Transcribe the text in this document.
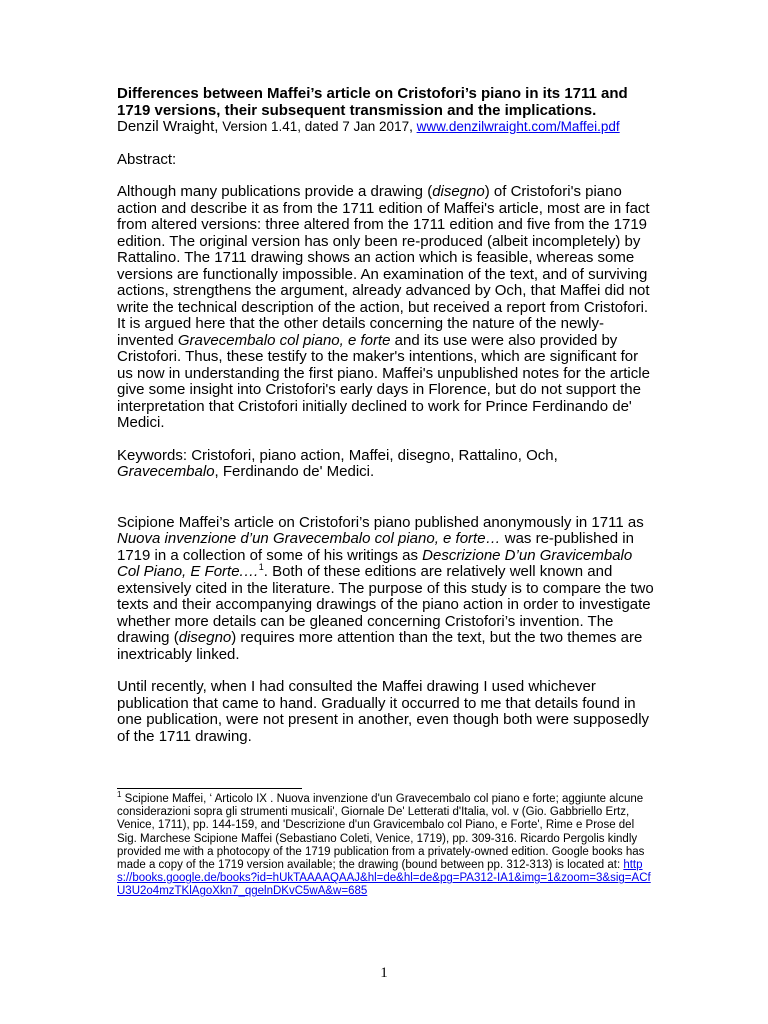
Differences between Maffei’s article on Cristofori’s piano in its 1711 and 1719 versions, their subsequent transmission and the implications.

Denzil Wraight, Version 1.41, dated 7 Jan 2017, www.denzilwraight.com/Maffei.pdf

Abstract:

Although many publications provide a drawing (disegno) of Cristofori's piano action and describe it as from the 1711 edition of Maffei's article, most are in fact from altered versions: three altered from the 1711 edition and five from the 1719 edition. The original version has only been re-produced (albeit incompletely) by Rattalino. The 1711 drawing shows an action which is feasible, whereas some versions are functionally impossible. An examination of the text, and of surviving actions, strengthens the argument, already advanced by Och, that Maffei did not write the technical description of the action, but received a report from Cristofori. It is argued here that the other details concerning the nature of the newly-invented Gravecembalo col piano, e forte and its use were also provided by Cristofori. Thus, these testify to the maker's intentions, which are significant for us now in understanding the first piano. Maffei's unpublished notes for the article give some insight into Cristofori's early days in Florence, but do not support the interpretation that Cristofori initially declined to work for Prince Ferdinando de' Medici.

Keywords: Cristofori, piano action, Maffei, disegno, Rattalino, Och, Gravecembalo, Ferdinando de' Medici.

Scipione Maffei’s article on Cristofori’s piano published anonymously in 1711 as Nuova invenzione d’un Gravecembalo col piano, e forte… was re-published in 1719 in a collection of some of his writings as Descrizione D’un Gravicembalo Col Piano, E Forte.…$^1$. Both of these editions are relatively well known and extensively cited in the literature. The purpose of this study is to compare the two texts and their accompanying drawings of the piano action in order to investigate whether more details can be gleaned concerning Cristofori’s invention. The drawing (disegno) requires more attention than the text, but the two themes are inextricably linked.

Until recently, when I had consulted the Maffei drawing I used whichever publication that came to hand. Gradually it occurred to me that details found in one publication, were not present in another, even though both were supposedly of the 1711 drawing.

$^1$ Scipione Maffei, ‘ Articolo IX . Nuova invenzione d'un Gravecembalo col piano e forte; aggiunte alcune considerazioni sopra gli strumenti musicali', Giornale De' Letterati d'Italia, vol. v (Gio. Gabbriello Ertz, Venice, 1711), pp. 144-159, and 'Descrizione d'un Gravicembalo col Piano, e Forte', Rime e Prose del Sig. Marchese Scipione Maffei (Sebastiano Coleti, Venice, 1719), pp. 309-316. Ricardo Pergolis kindly provided me with a photocopy of the 1719 publication from a privately-owned edition. Google books has made a copy of the 1719 version available; the drawing (bound between pp. 312-313) is located at: https://books.google.de/books?id=hUkTAAAAQAAJ&hl=de&hl=de&pg=PA312-IA1&img=1&zoom=3&sig=ACfU3U2o4mzTKlAgoXkn7_qgelnDKvC5wA&w=685
1
